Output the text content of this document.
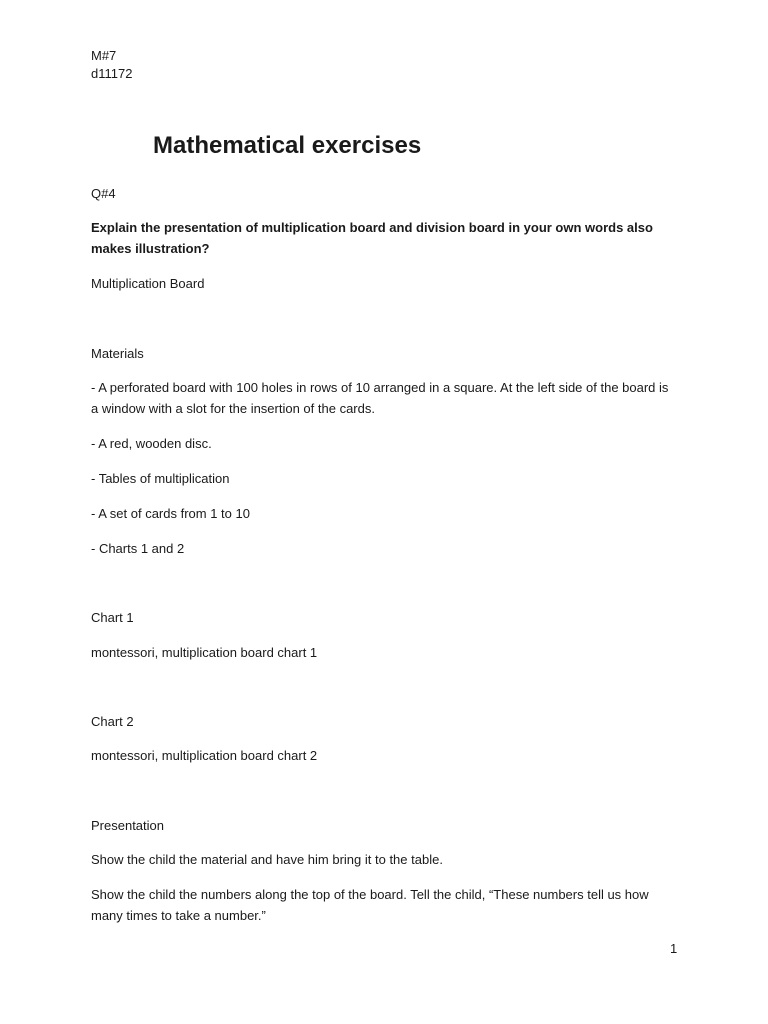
M#7

d11172

Mathematical exercises

Q#4

Explain the presentation of multiplication board and division board in your own words also makes illustration?

Multiplication Board

Materials

- A perforated board with 100 holes in rows of 10 arranged in a square. At the left side of the board is a window with a slot for the insertion of the cards.

- A red, wooden disc.

- Tables of multiplication

- A set of cards from 1 to 10

- Charts 1 and 2

Chart 1

montessori, multiplication board chart 1

Chart 2

montessori, multiplication board chart 2

Presentation

Show the child the material and have him bring it to the table.

Show the child the numbers along the top of the board. Tell the child, “These numbers tell us how many times to take a number.”

1
